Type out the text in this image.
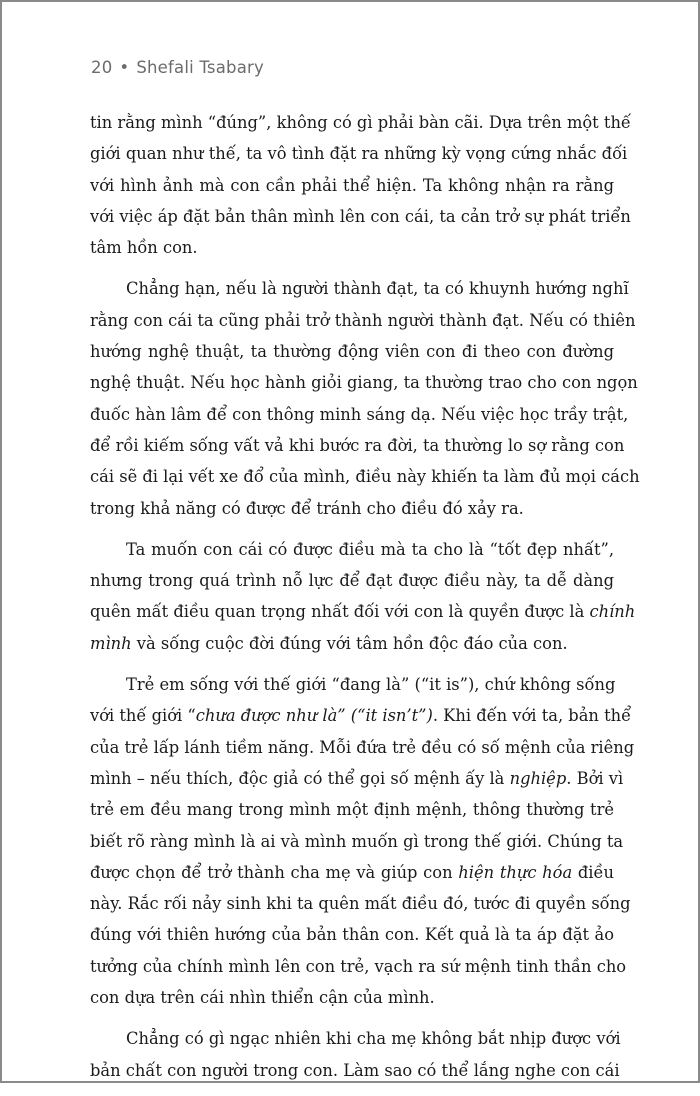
20 • Shefali Tsabary
tin rằng mình “đúng”, không có gì phải bàn cãi. Dựa trên một thế
giới quan như thế, ta vô tình đặt ra những kỳ vọng cứng nhắc đối
với hình ảnh mà con cần phải thể hiện. Ta không nhận ra rằng
với việc áp đặt bản thân mình lên con cái, ta cản trở sự phát triển
tâm hồn con.
Chẳng hạn, nếu là người thành đạt, ta có khuynh hướng nghĩ
rằng con cái ta cũng phải trở thành người thành đạt. Nếu có thiên
hướng nghệ thuật, ta thường động viên con đi theo con đường
nghệ thuật. Nếu học hành giỏi giang, ta thường trao cho con ngọn
đuốc hàn lâm để con thông minh sáng dạ. Nếu việc học trầy trật,
để rồi kiếm sống vất vả khi bước ra đời, ta thường lo sợ rằng con
cái sẽ đi lại vết xe đổ của mình, điều này khiến ta làm đủ mọi cách
trong khả năng có được để tránh cho điều đó xảy ra.
Ta muốn con cái có được điều mà ta cho là “tốt đẹp nhất”,
nhưng trong quá trình nỗ lực để đạt được điều này, ta dễ dàng
quên mất điều quan trọng nhất đối với con là quyền được là chính
mình và sống cuộc đời đúng với tâm hồn độc đáo của con.
Trẻ em sống với thế giới “đang là” (“it is”), chứ không sống
với thế giới “chưa được như là” (“it isn’t”). Khi đến với ta, bản thể
của trẻ lấp lánh tiềm năng. Mỗi đứa trẻ đều có số mệnh của riêng
mình – nếu thích, độc giả có thể gọi số mệnh ấy là nghiệp. Bởi vì
trẻ em đều mang trong mình một định mệnh, thông thường trẻ
biết rõ ràng mình là ai và mình muốn gì trong thế giới. Chúng ta
được chọn để trở thành cha mẹ và giúp con hiện thực hóa điều
này. Rắc rối nảy sinh khi ta quên mất điều đó, tước đi quyền sống
đúng với thiên hướng của bản thân con. Kết quả là ta áp đặt ảo
tưởng của chính mình lên con trẻ, vạch ra sứ mệnh tinh thần cho
con dựa trên cái nhìn thiển cận của mình.
Chẳng có gì ngạc nhiên khi cha mẹ không bắt nhịp được với
bản chất con người trong con. Làm sao có thể lắng nghe con cái
